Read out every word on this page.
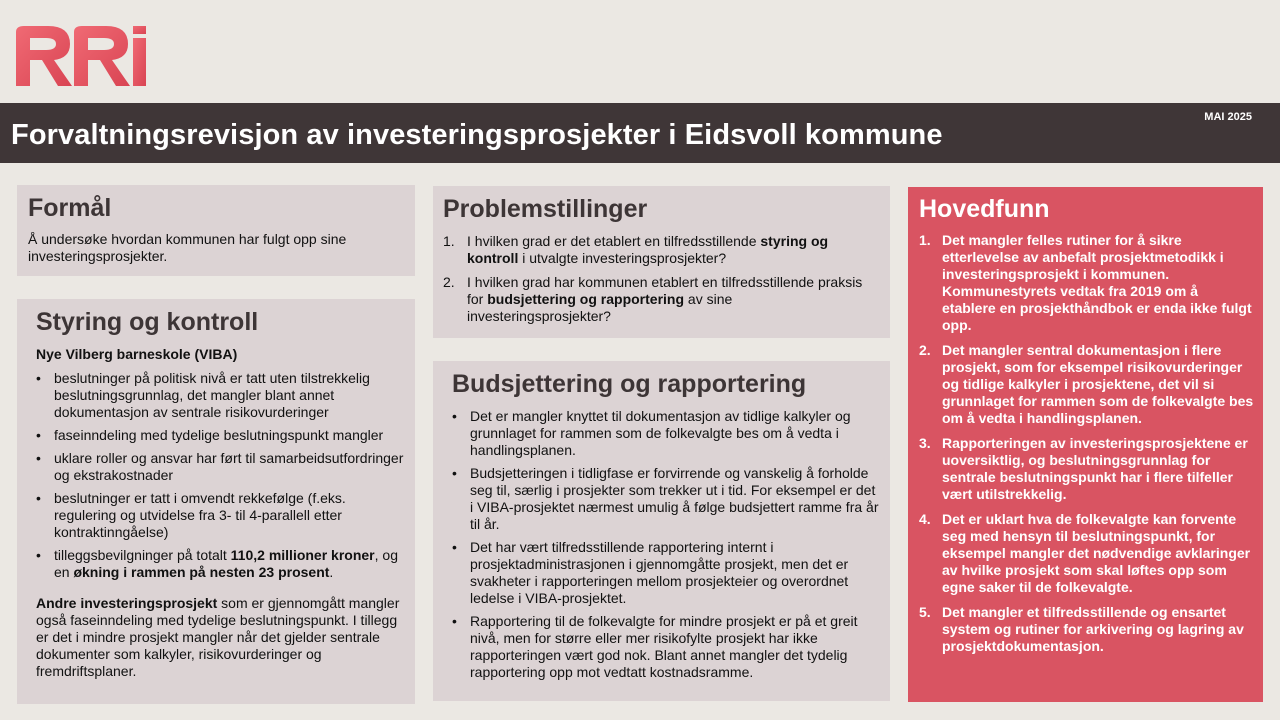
Forvaltningsrevisjon av investeringsprosjekter i Eidsvoll kommune
MAI 2025
Formål

Å undersøke hvordan kommunen har fulgt opp sine investeringsprosjekter.

Styring og kontroll

Nye Vilberg barneskole (VIBA)

• beslutninger på politisk nivå er tatt uten tilstrekkelig beslutningsgrunnlag, det mangler blant annet dokumentasjon av sentrale risikovurderinger
• faseinndeling med tydelige beslutningspunkt mangler
• uklare roller og ansvar har ført til samarbeidsutfordringer og ekstrakostnader
• beslutninger er tatt i omvendt rekkefølge (f.eks. regulering og utvidelse fra 3- til 4-parallell etter kontraktinngåelse)
• tilleggsbevilgninger på totalt 110,2 millioner kroner, og en økning i rammen på nesten 23 prosent.

Andre investeringsprosjekt som er gjennomgått mangler også faseinndeling med tydelige beslutningspunkt. I tillegg er det i mindre prosjekt mangler når det gjelder sentrale dokumenter som kalkyler, risikovurderinger og fremdriftsplaner.

Problemstillinger
1. I hvilken grad er det etablert en tilfredsstillende styring og kontroll i utvalgte investeringsprosjekter?
2. I hvilken grad har kommunen etablert en tilfredsstillende praksis for budsjettering og rapportering av sine investeringsprosjekter?
Budsjettering og rapportering
• Det er mangler knyttet til dokumentasjon av tidlige kalkyler og grunnlaget for rammen som de folkevalgte bes om å vedta i handlingsplanen.
• Budsjetteringen i tidligfase er forvirrende og vanskelig å forholde seg til, særlig i prosjekter som trekker ut i tid. For eksempel er det i VIBA-prosjektet nærmest umulig å følge budsjettert ramme fra år til år.
• Det har vært tilfredsstillende rapportering internt i prosjektadministrasjonen i gjennomgåtte prosjekt, men det er svakheter i rapporteringen mellom prosjekteier og overordnet ledelse i VIBA-prosjektet.
• Rapportering til de folkevalgte for mindre prosjekt er på et greit nivå, men for større eller mer risikofylte prosjekt har ikke rapporteringen vært god nok. Blant annet mangler det tydelig rapportering opp mot vedtatt kostnadsramme.
Hovedfunn
1. Det mangler felles rutiner for å sikre etterlevelse av anbefalt prosjektmetodikk i investeringsprosjekt i kommunen. Kommunestyrets vedtak fra 2019 om å etablere en prosjekthåndbok er enda ikke fulgt opp.
2. Det mangler sentral dokumentasjon i flere prosjekt, som for eksempel risikovurderinger og tidlige kalkyler i prosjektene, det vil si grunnlaget for rammen som de folkevalgte bes om å vedta i handlingsplanen.
3. Rapporteringen av investeringsprosjektene er uoversiktlig, og beslutningsgrunnlag for sentrale beslutningspunkt har i flere tilfeller vært utilstrekkelig.
4. Det er uklart hva de folkevalgte kan forvente seg med hensyn til beslutningspunkt, for eksempel mangler det nødvendige avklaringer av hvilke prosjekt som skal løftes opp som egne saker til de folkevalgte.
5. Det mangler et tilfredsstillende og ensartet system og rutiner for arkivering og lagring av prosjektdokumentasjon.
